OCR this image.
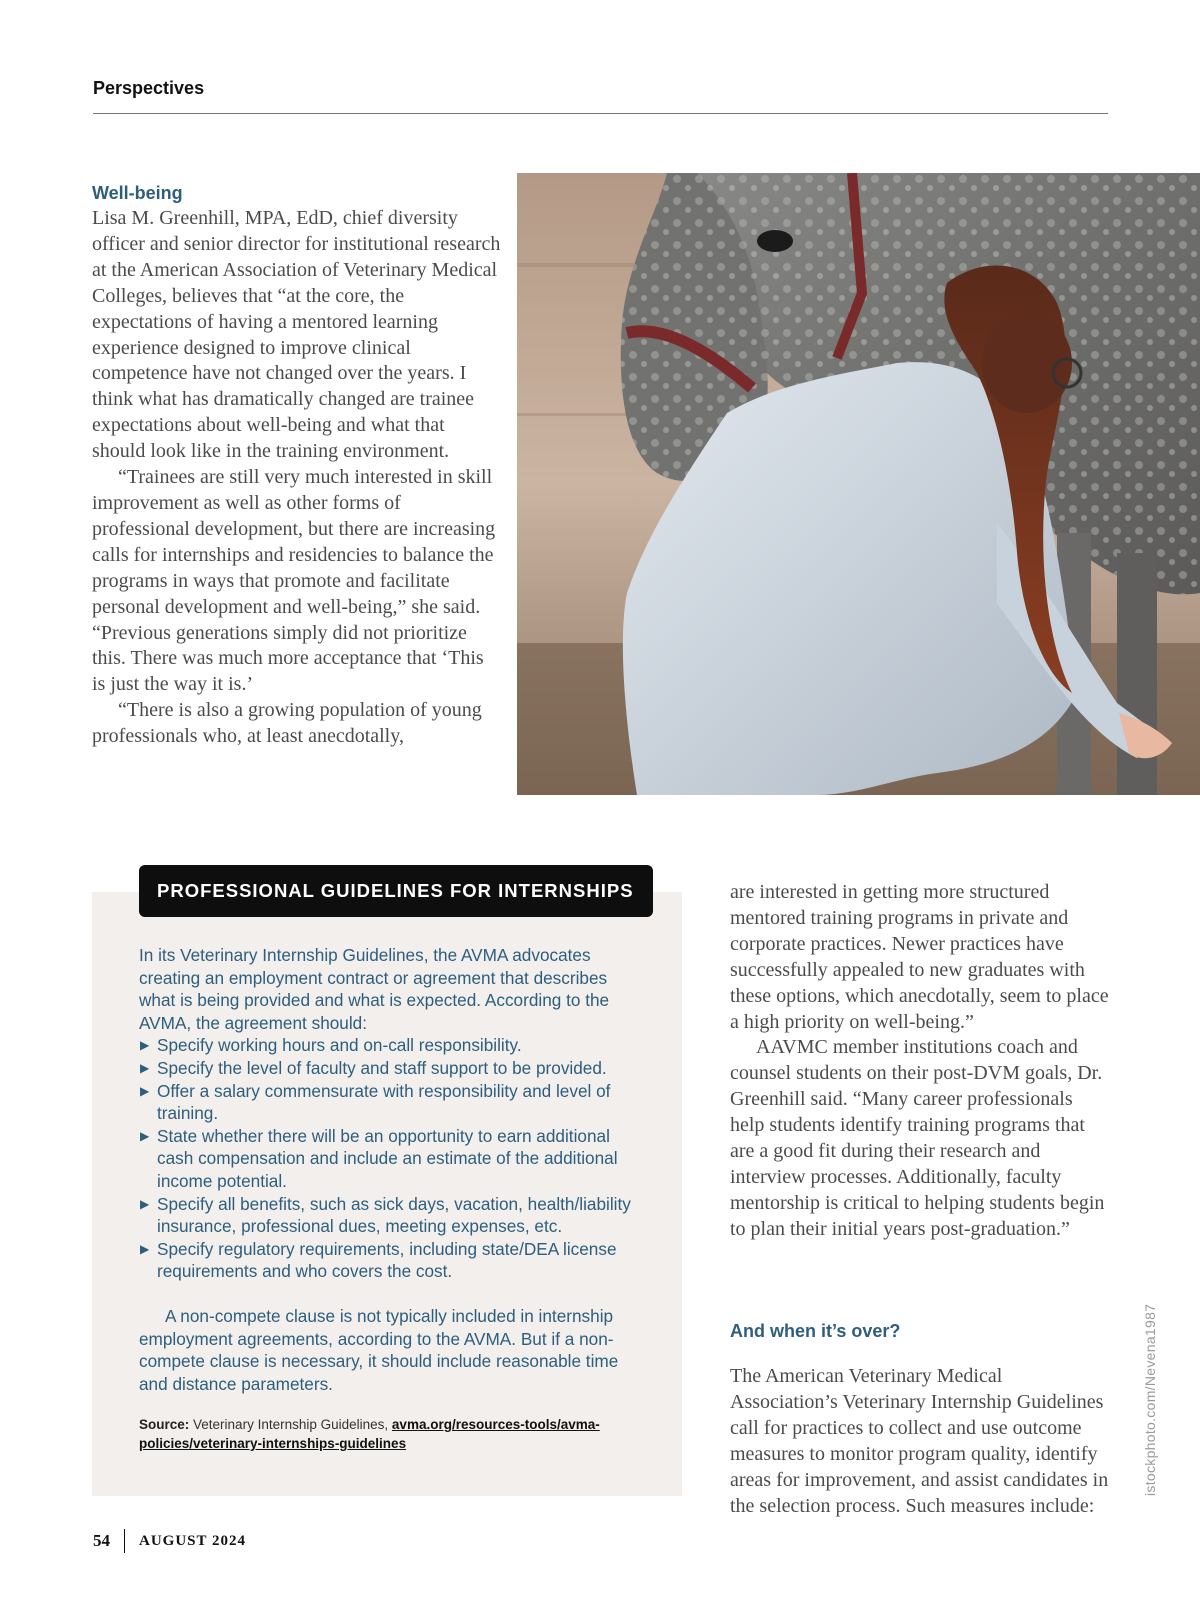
Perspectives
Well-being

Lisa M. Greenhill, MPA, EdD, chief diversity officer and senior director for institutional research at the American Association of Veterinary Medical Colleges, believes that “at the core, the expectations of having a mentored learning experience designed to improve clinical competence have not changed over the years. I think what has dramatically changed are trainee expectations about well-being and what that should look like in the training environment.

“Trainees are still very much interested in skill improvement as well as other forms of professional development, but there are increasing calls for internships and residencies to balance the programs in ways that promote and facilitate personal development and well-being,” she said. “Previous generations simply did not prioritize this. There was much more acceptance that ‘This is just the way it is.’

“There is also a growing population of young professionals who, at least anecdotally,

PROFESSIONAL GUIDELINES FOR INTERNSHIPS

In its Veterinary Internship Guidelines, the AVMA advocates creating an employment contract or agreement that describes what is being provided and what is expected. According to the AVMA, the agreement should:

▶ Specify working hours and on-call responsibility.
▶ Specify the level of faculty and staff support to be provided.
▶ Offer a salary commensurate with responsibility and level of training.
▶ State whether there will be an opportunity to earn additional cash compensation and include an estimate of the additional income potential.
▶ Specify all benefits, such as sick days, vacation, health/liability insurance, professional dues, meeting expenses, etc.
▶ Specify regulatory requirements, including state/DEA license requirements and who covers the cost.

A non-compete clause is not typically included in internship employment agreements, according to the AVMA. But if a non-compete clause is necessary, it should include reasonable time and distance parameters.

Source: Veterinary Internship Guidelines, avma.org/resources-tools/avma-policies/veterinary-internships-guidelines

are interested in getting more structured mentored training programs in private and corporate practices. Newer practices have successfully appealed to new graduates with these options, which anecdotally, seem to place a high priority on well-being.”

AAVMC member institutions coach and counsel students on their post-DVM goals, Dr. Greenhill said. “Many career professionals help students identify training programs that are a good fit during their research and interview processes. Additionally, faculty mentorship is critical to helping students begin to plan their initial years post-graduation.”

And when it’s over?

The American Veterinary Medical Association’s Veterinary Internship Guidelines call for practices to collect and use outcome measures to monitor program quality, identify areas for improvement, and assist candidates in the selection process. Such measures include:

istockphoto.com/Nevena1987
54 AUGUST 2024
